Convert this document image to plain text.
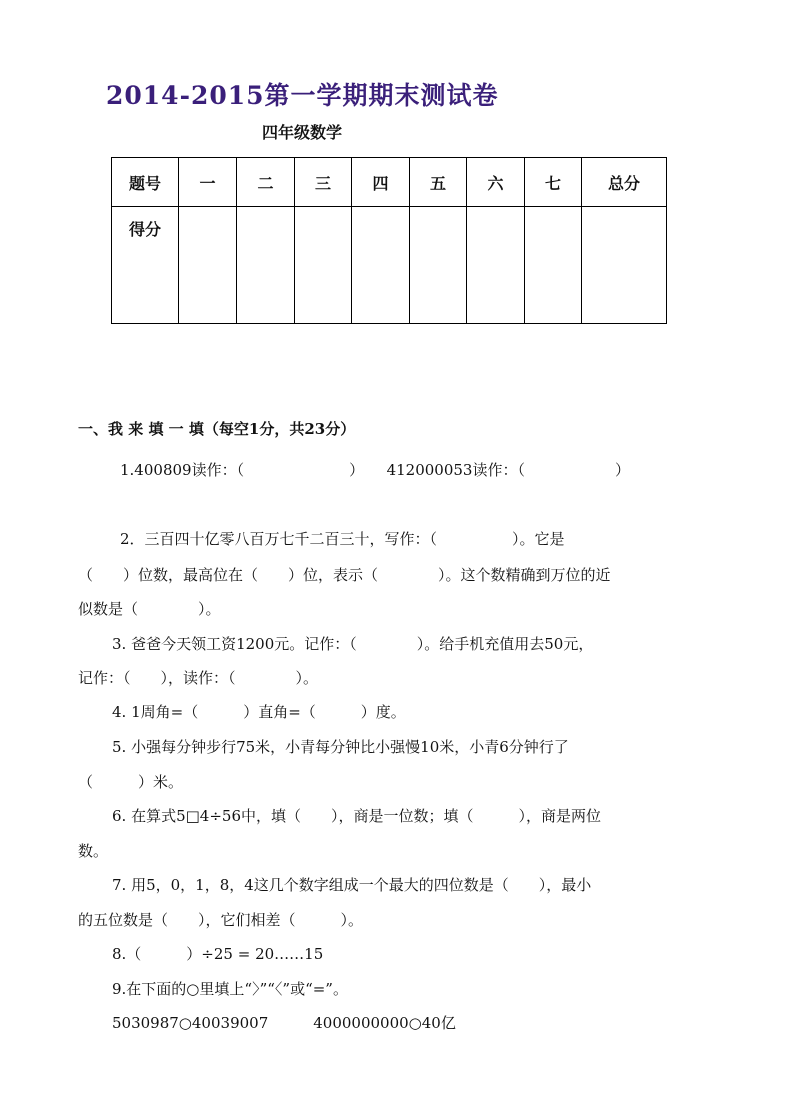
2014-2015第一学期期末测试卷
四年级数学
题号	一	二	三	四	五	六	七	总分
得分								
一、我 来 填 一 填（每空1分，共23分）
1.400809读作：（　　　　　　　）　　412000053读作：（　　　　　　）
2．三百四十亿零八百万七千二百三十，写作：（　　　　　）。它是
（　　）位数，最高位在（　　）位，表示（　　　　）。这个数精确到万位的近
似数是（　　　　）。
3. 爸爸今天领工资1200元。记作：（　　　　）。给手机充值用去50元，
记作：（　　），读作：（　　　　）。
4. 1周角=（　　　）直角=（　　　）度。
5. 小强每分钟步行75米，小青每分钟比小强慢10米，小青6分钟行了
（　　　）米。
6. 在算式5□4÷56中，填（　　），商是一位数；填（　　　），商是两位
数。
7. 用5，0，1，8，4这几个数字组成一个最大的四位数是（　　），最小
的五位数是（　　），它们相差（　　　）。
8.（　　　）÷25 = 20……15
9.在下面的○里填上“〉”“〈”或“=”。
5030987○40039007　　　4000000000○40亿
